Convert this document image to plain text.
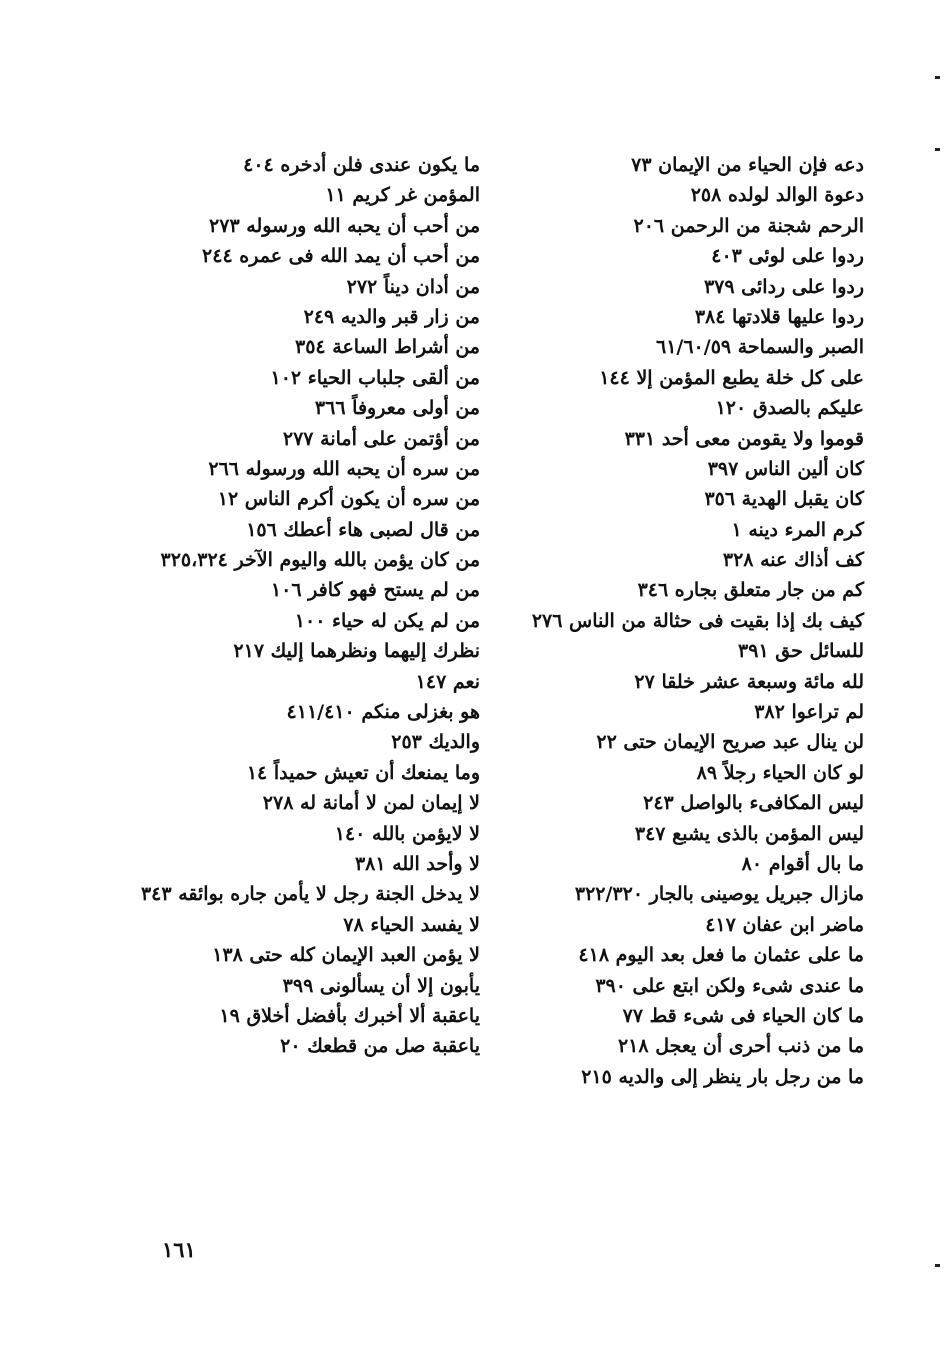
دعه فإن الحياء من الإيمان ٧٣
دعوة الوالد لولده ٢٥٨
الرحم شجنة من الرحمن ٢٠٦
ردوا على لوئى ٤٠٣
ردوا على ردائى ٣٧٩
ردوا عليها قلادتها ٣٨٤
الصبر والسماحة ٦١/٦٠/٥٩
على كل خلة يطبع المؤمن إلا ١٤٤
عليكم بالصدق ١٢٠
قوموا ولا يقومن معى أحد ٣٣١
كان ألين الناس ٣٩٧
كان يقبل الهدية ٣٥٦
كرم المرء دينه ١
كف أذاك عنه ٣٢٨
كم من جار متعلق بجاره ٣٤٦
كيف بك إذا بقيت فى حثالة من الناس ٢٧٦
للسائل حق ٣٩١
لله مائة وسبعة عشر خلقا ٢٧
لم تراعوا ٣٨٢
لن ينال عبد صريح الإيمان حتى ٢٢
لو كان الحياء رجلاً ٨٩
ليس المكافىء بالواصل ٢٤٣
ليس المؤمن بالذى يشبع ٣٤٧
ما بال أقوام ٨٠
مازال جبريل يوصينى بالجار ٣٢٢/٣٢٠
ماضر ابن عفان ٤١٧
ما على عثمان ما فعل بعد اليوم ٤١٨
ما عندى شىء ولكن ابتع على ٣٩٠
ما كان الحياء فى شىء قط ٧٧
ما من ذنب أحرى أن يعجل ٢١٨
ما من رجل بار ينظر إلى والديه ٢١٥
ما يكون عندى فلن أدخره ٤٠٤
المؤمن غر كريم ١١
من أحب أن يحبه الله ورسوله ٢٧٣
من أحب أن يمد الله فى عمره ٢٤٤
من أدان ديناً ٢٧٢
من زار قبر والديه ٢٤٩
من أشراط الساعة ٣٥٤
من ألقى جلباب الحياء ١٠٢
من أولى معروفاً ٣٦٦
من أؤتمن على أمانة ٢٧٧
من سره أن يحبه الله ورسوله ٢٦٦
من سره أن يكون أكرم الناس ١٢
من قال لصبى هاء أعطك ١٥٦
من كان يؤمن بالله واليوم الآخر ٣٢٥،٣٢٤
من لم يستح فهو كافر ١٠٦
من لم يكن له حياء ١٠٠
نظرك إليهما ونظرهما إليك ٢١٧
نعم ١٤٧
هو بغزلى منكم ٤١١/٤١٠
والديك ٢٥٣
وما يمنعك أن تعيش حميداً ١٤
لا إيمان لمن لا أمانة له ٢٧٨
لا لايؤمن بالله ١٤٠
لا وأحد الله ٣٨١
لا يدخل الجنة رجل لا يأمن جاره بوائقه ٣٤٣
لا يفسد الحياء ٧٨
لا يؤمن العبد الإيمان كله حتى ١٣٨
يأبون إلا أن يسألونى ٣٩٩
ياعقبة ألا أخبرك بأفضل أخلاق ١٩
ياعقبة صل من قطعك ٢٠
١٦١
